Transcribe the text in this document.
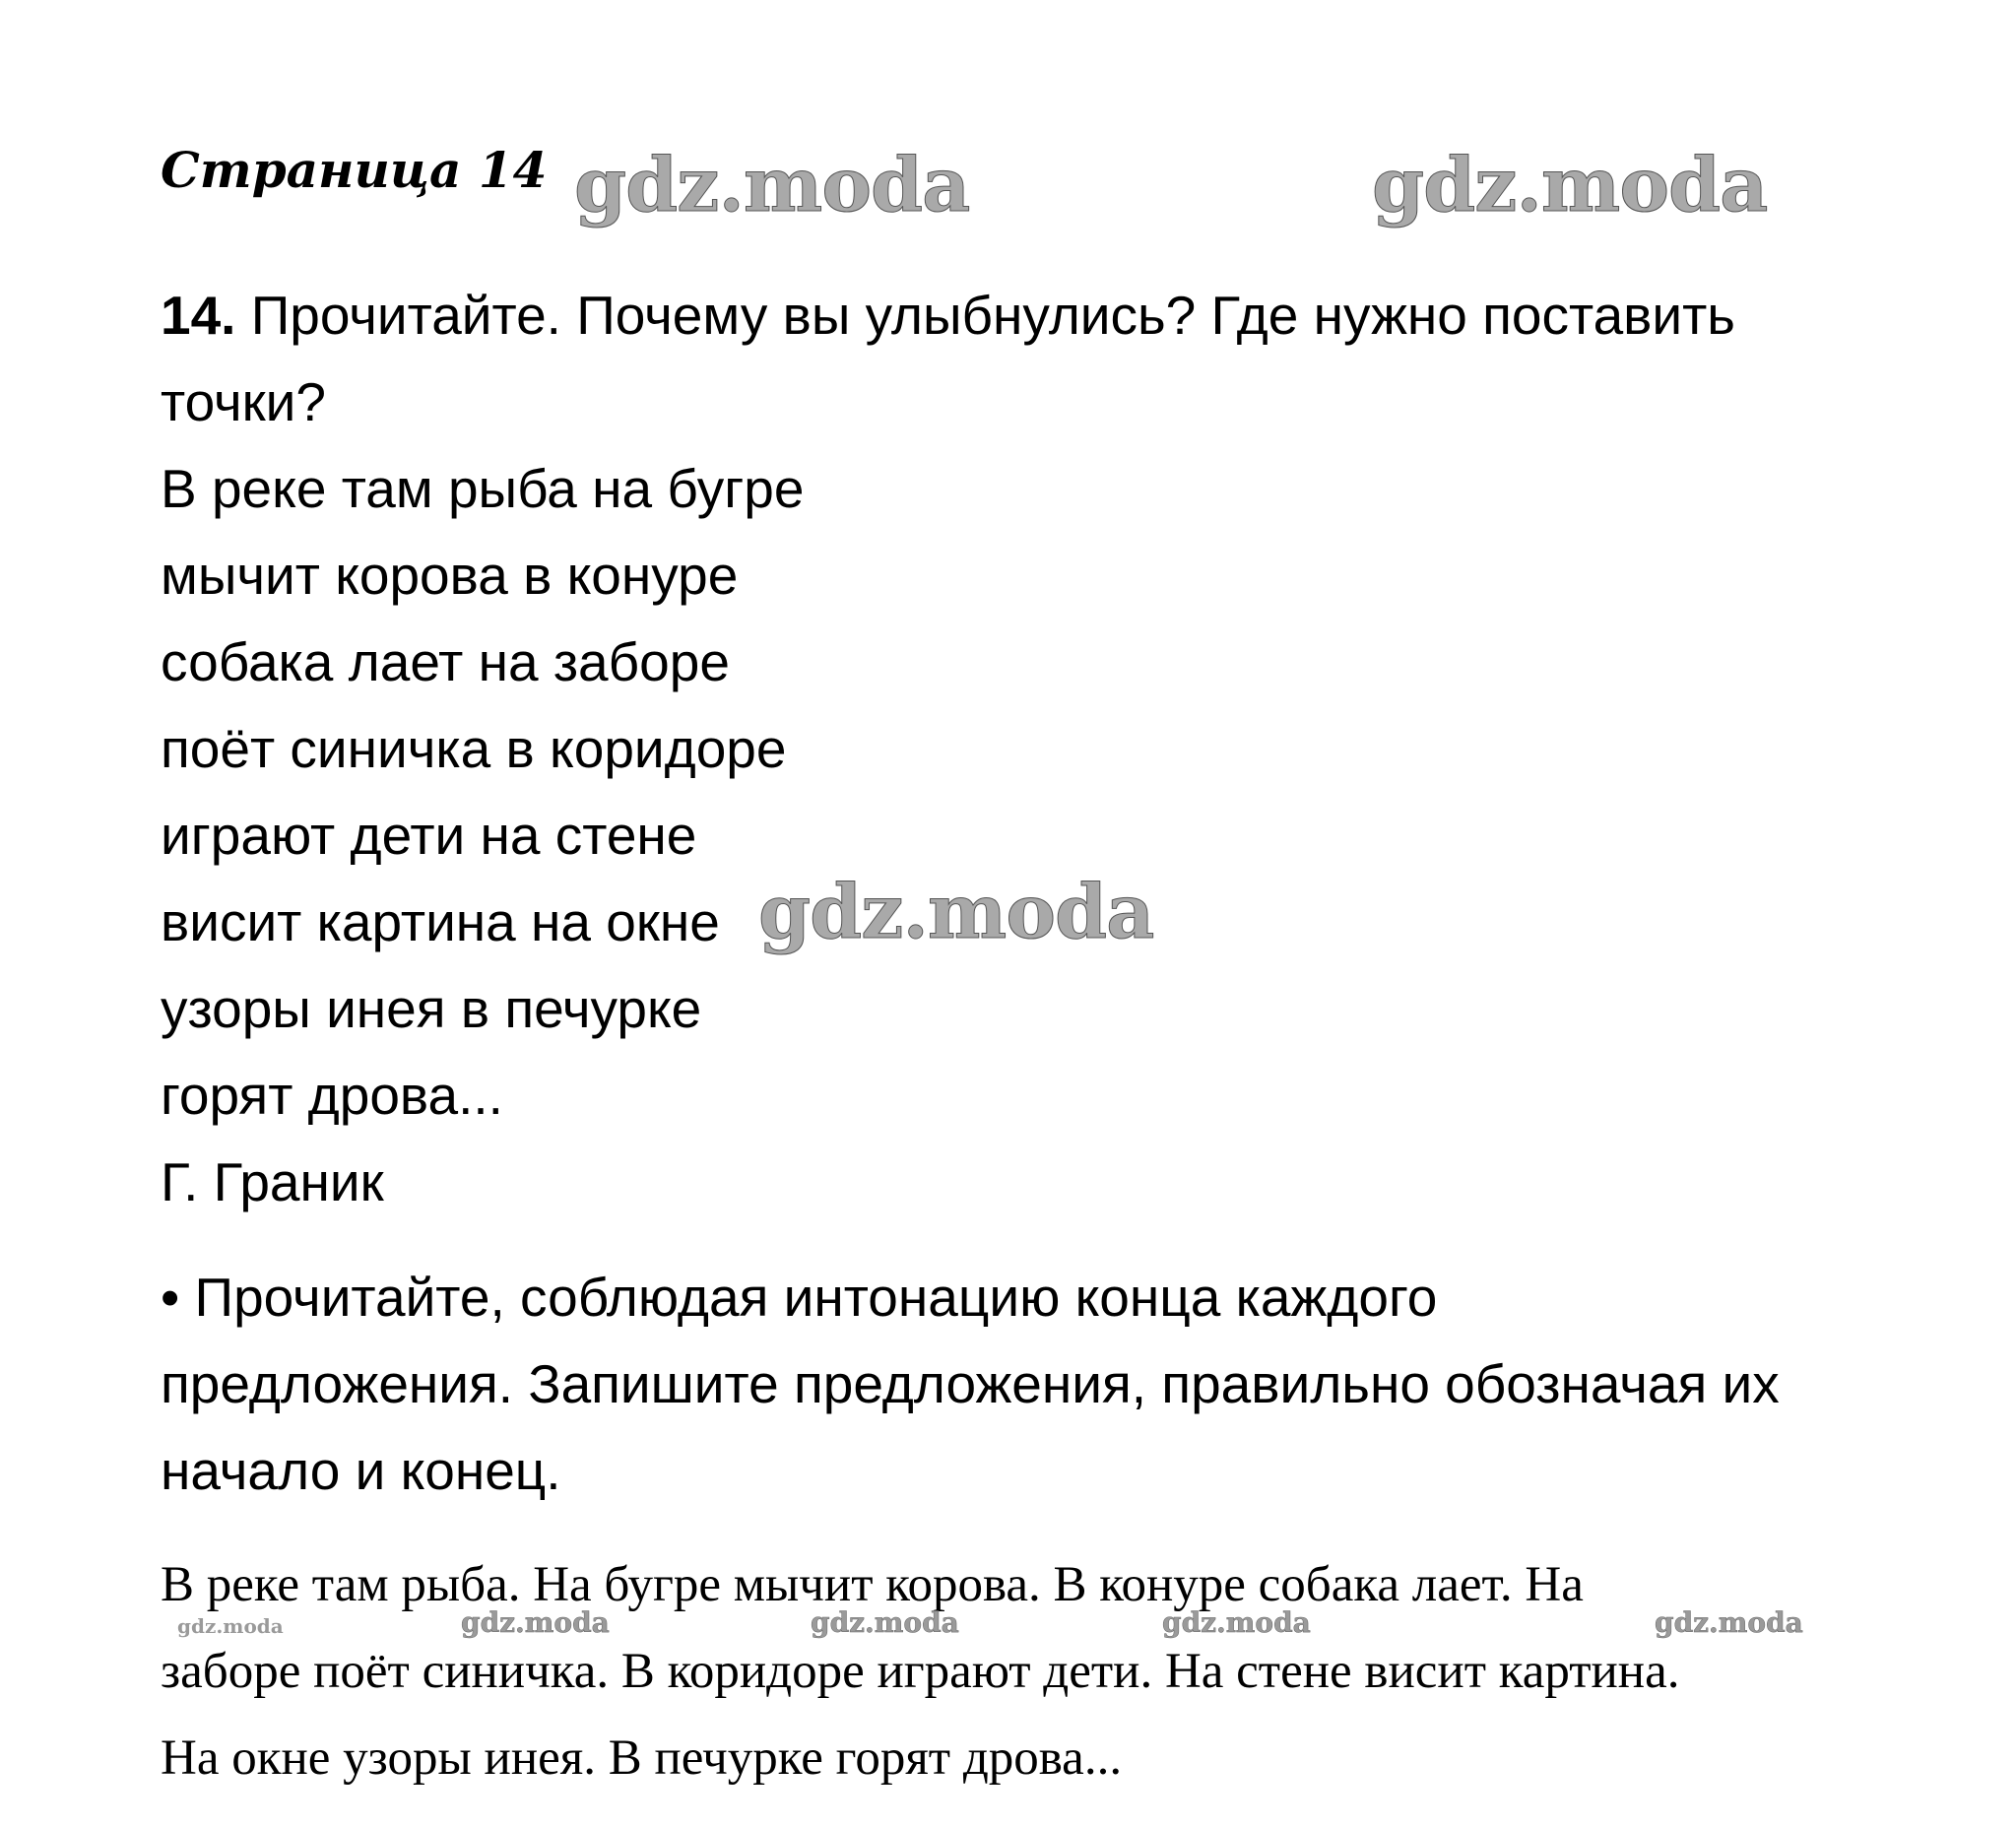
Страница 14 gdz.moda	gdz.moda
14. Прочитайте. Почему вы улыбнулись? Где нужно поставить
точки?
В реке там рыба на бугре
мычит корова в конуре
собака лает на заборе
поёт синичка в коридоре
играют дети на стене
висит картина на окне
узоры инея в печурке
горят дрова...
Г. Граник
gdz.moda
• Прочитайте, соблюдая интонацию конца каждого
предложения. Запишите предложения, правильно обозначая их
начало и конец.
В реке там рыба. На бугре мычит корова. В конуре собака лает. На
заборе поёт синичка. В коридоре играют дети. На стене висит картина.
На окне узоры инея. В печурке горят дрова...
gdz.moda	gdz.moda	gdz.moda	gdz.moda	gdz.moda
